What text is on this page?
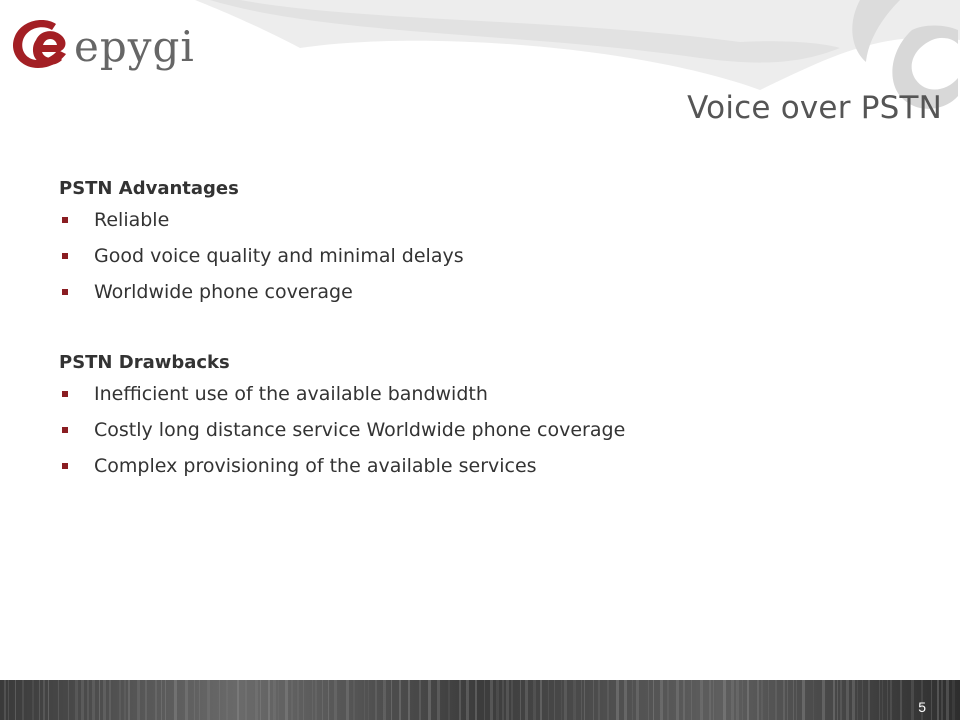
epygi
Voice over PSTN
PSTN Advantages
Reliable
Good voice quality and minimal delays
Worldwide phone coverage
PSTN Drawbacks
Inefficient use of the available bandwidth
Costly long distance service Worldwide phone coverage
Complex provisioning of the available services
5
